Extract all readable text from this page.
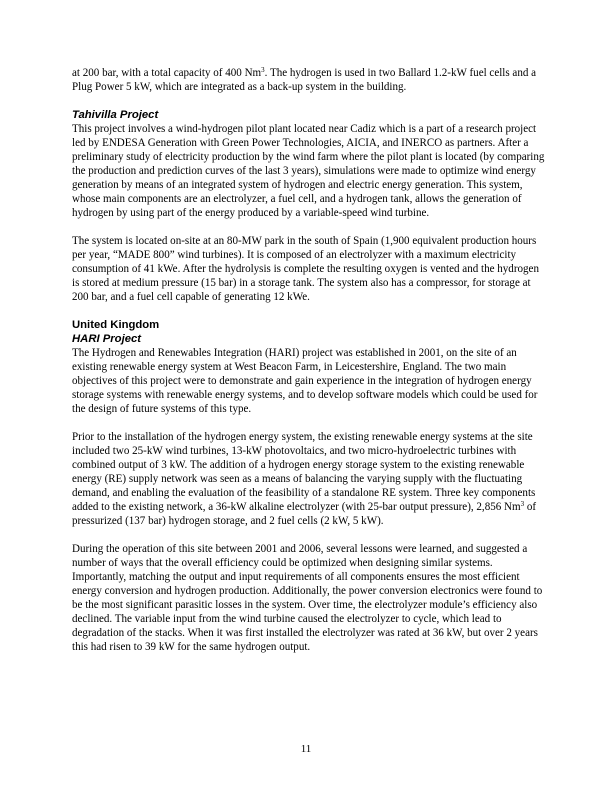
at 200 bar, with a total capacity of 400 Nm$^3$. The hydrogen is used in two Ballard 1.2-kW fuel cells and a Plug Power 5 kW, which are integrated as a back-up system in the building.

Tahivilla Project

This project involves a wind-hydrogen pilot plant located near Cadiz which is a part of a research project led by ENDESA Generation with Green Power Technologies, AICIA, and INERCO as partners. After a preliminary study of electricity production by the wind farm where the pilot plant is located (by comparing the production and prediction curves of the last 3 years), simulations were made to optimize wind energy generation by means of an integrated system of hydrogen and electric energy generation. This system, whose main components are an electrolyzer, a fuel cell, and a hydrogen tank, allows the generation of hydrogen by using part of the energy produced by a variable-speed wind turbine.

The system is located on-site at an 80-MW park in the south of Spain (1,900 equivalent production hours per year, “MADE 800” wind turbines). It is composed of an electrolyzer with a maximum electricity consumption of 41 kWe. After the hydrolysis is complete the resulting oxygen is vented and the hydrogen is stored at medium pressure (15 bar) in a storage tank. The system also has a compressor, for storage at 200 bar, and a fuel cell capable of generating 12 kWe.

United Kingdom
HARI Project

The Hydrogen and Renewables Integration (HARI) project was established in 2001, on the site of an existing renewable energy system at West Beacon Farm, in Leicestershire, England. The two main objectives of this project were to demonstrate and gain experience in the integration of hydrogen energy storage systems with renewable energy systems, and to develop software models which could be used for the design of future systems of this type.

Prior to the installation of the hydrogen energy system, the existing renewable energy systems at the site included two 25-kW wind turbines, 13-kW photovoltaics, and two micro-hydroelectric turbines with combined output of 3 kW. The addition of a hydrogen energy storage system to the existing renewable energy (RE) supply network was seen as a means of balancing the varying supply with the fluctuating demand, and enabling the evaluation of the feasibility of a standalone RE system. Three key components added to the existing network, a 36-kW alkaline electrolyzer (with 25-bar output pressure), 2,856 Nm$^3$ of pressurized (137 bar) hydrogen storage, and 2 fuel cells (2 kW, 5 kW).

During the operation of this site between 2001 and 2006, several lessons were learned, and suggested a number of ways that the overall efficiency could be optimized when designing similar systems. Importantly, matching the output and input requirements of all components ensures the most efficient energy conversion and hydrogen production. Additionally, the power conversion electronics were found to be the most significant parasitic losses in the system. Over time, the electrolyzer module’s efficiency also declined. The variable input from the wind turbine caused the electrolyzer to cycle, which lead to degradation of the stacks. When it was first installed the electrolyzer was rated at 36 kW, but over 2 years this had risen to 39 kW for the same hydrogen output.

11
